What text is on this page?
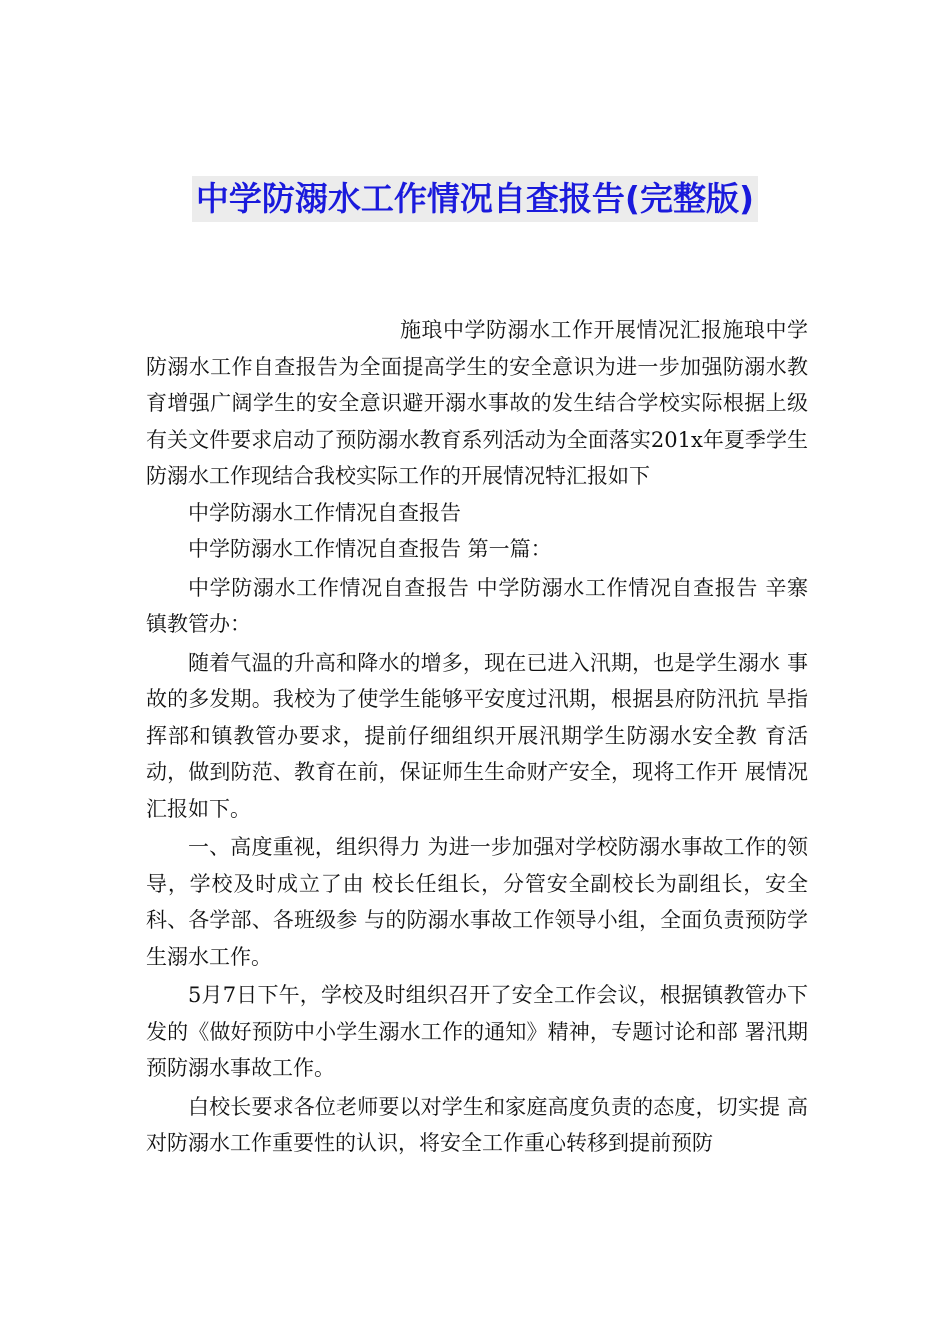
中学防溺水工作情况自查报告(完整版)

施琅中学防溺水工作开展情况汇报施琅中学防溺水工作自查报告为全面提高学生的安全意识为进一步加强防溺水教育增强广阔学生的安全意识避开溺水事故的发生结合学校实际根据上级有关文件要求启动了预防溺水教育系列活动为全面落实201x年夏季学生防溺水工作现结合我校实际工作的开展情况特汇报如下

中学防溺水工作情况自查报告

中学防溺水工作情况自查报告 第一篇：

中学防溺水工作情况自查报告 中学防溺水工作情况自查报告 辛寨镇教管办：

随着气温的升高和降水的增多，现在已进入汛期，也是学生溺水 事故的多发期。我校为了使学生能够平安度过汛期，根据县府防汛抗 旱指挥部和镇教管办要求，提前仔细组织开展汛期学生防溺水安全教 育活动，做到防范、教育在前，保证师生生命财产安全，现将工作开 展情况汇报如下。

一、高度重视，组织得力 为进一步加强对学校防溺水事故工作的领导，学校及时成立了由 校长任组长，分管安全副校长为副组长，安全科、各学部、各班级参 与的防溺水事故工作领导小组，全面负责预防学生溺水工作。

5月7日下午，学校及时组织召开了安全工作会议，根据镇教管办下发的《做好预防中小学生溺水工作的通知》精神，专题讨论和部 署汛期预防溺水事故工作。

白校长要求各位老师要以对学生和家庭高度负责的态度，切实提 高对防溺水工作重要性的认识，将安全工作重心转移到提前预防
